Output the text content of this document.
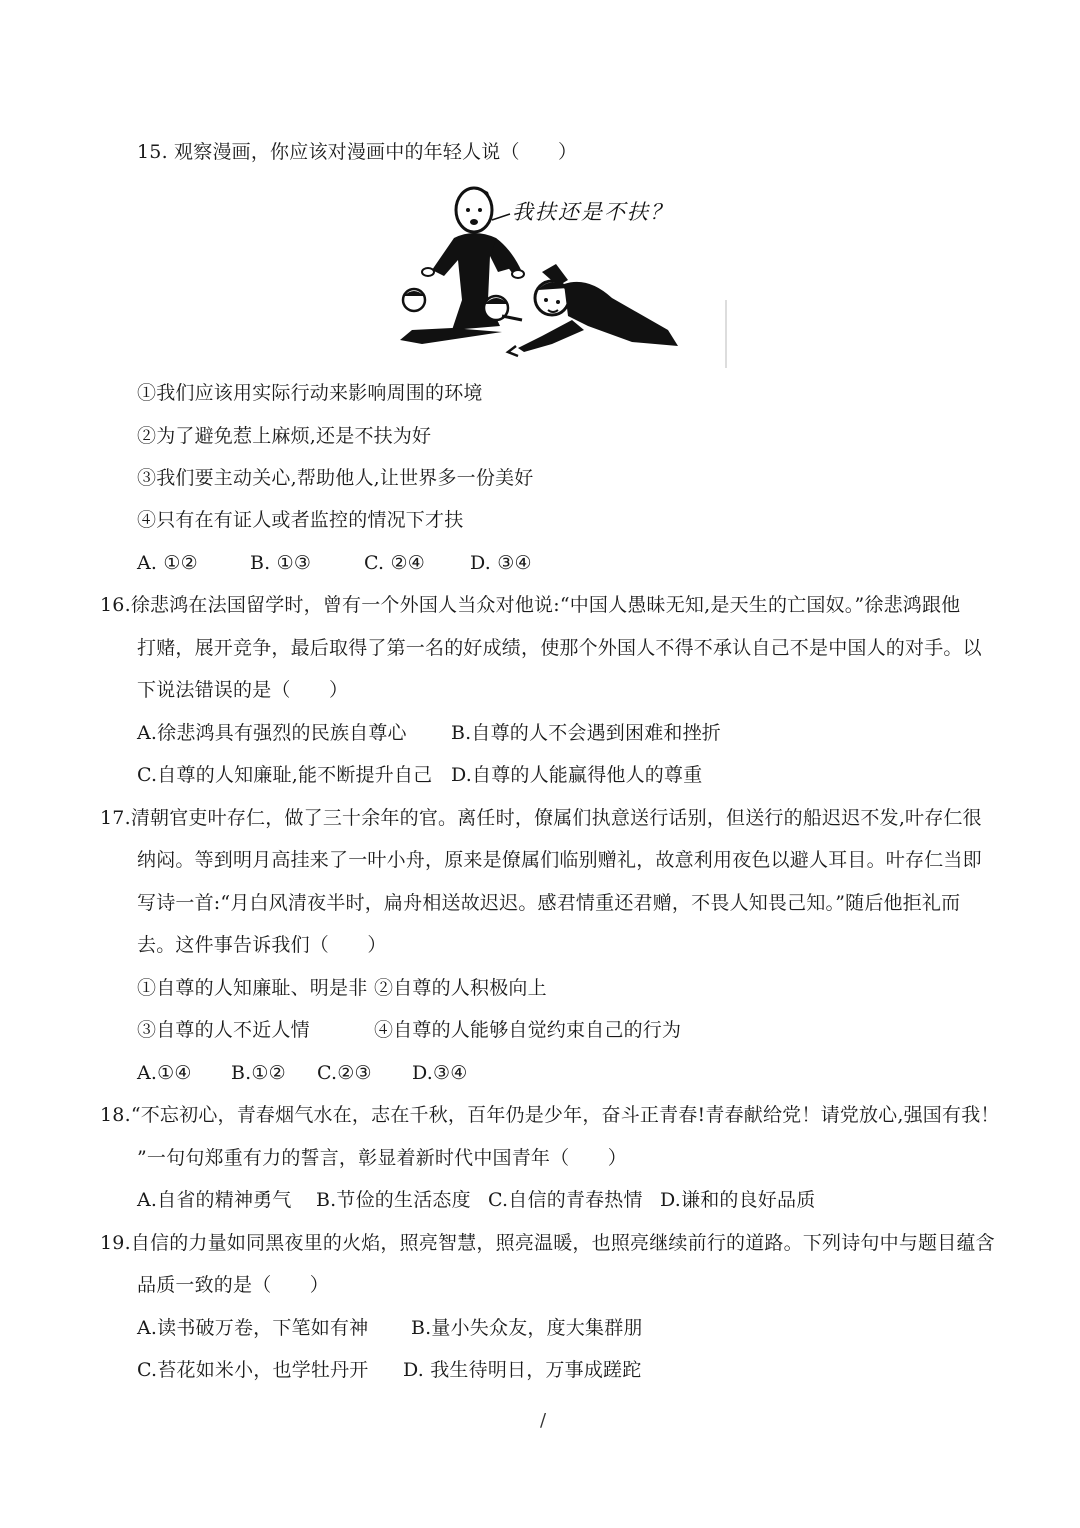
15. 观察漫画，你应该对漫画中的年轻人说（　　）
我扶还是不扶？
①我们应该用实际行动来影响周围的环境
②为了避免惹上麻烦,还是不扶为好
③我们要主动关心,帮助他人,让世界多一份美好
④只有在有证人或者监控的情况下才扶
A. ①②	B. ①③	C. ②④ D. ③④
16.徐悲鸿在法国留学时，曾有一个外国人当众对他说:“中国人愚昧无知,是天生的亡国奴。”徐悲鸿跟他
打赌，展开竞争，最后取得了第一名的好成绩，使那个外国人不得不承认自己不是中国人的对手。以
下说法错误的是（　　）
A.徐悲鸿具有强烈的民族自尊心 B.自尊的人不会遇到困难和挫折
C.自尊的人知廉耻,能不断提升自己 D.自尊的人能赢得他人的尊重
17.清朝官吏叶存仁，做了三十余年的官。离任时，僚属们执意送行话别，但送行的船迟迟不发,叶存仁很
纳闷。等到明月高挂来了一叶小舟，原来是僚属们临别赠礼，故意利用夜色以避人耳目。叶存仁当即
写诗一首:“月白风清夜半时，扁舟相送故迟迟。感君情重还君赠，不畏人知畏己知。”随后他拒礼而
去。这件事告诉我们（　　）
①自尊的人知廉耻、明是非 ②自尊的人积极向上
③自尊的人不近人情	④自尊的人能够自觉约束自己的行为
A.①④ B.①② C.②③ D.③④
18.“不忘初心，青春烟气水在，志在千秋，百年仍是少年，奋斗正青春!青春献给党！请党放心,强国有我！
”一句句郑重有力的誓言，彰显着新时代中国青年（　　）
A.自省的精神勇气 B.节俭的生活态度 C.自信的青春热情 D.谦和的良好品质
19.自信的力量如同黑夜里的火焰，照亮智慧，照亮温暖，也照亮继续前行的道路。下列诗句中与题目蕴含
品质一致的是（　　）
A.读书破万卷，下笔如有神 B.量小失众友，度大集群朋
C.苔花如米小，也学牡丹开 D. 我生待明日，万事成蹉跎
/
